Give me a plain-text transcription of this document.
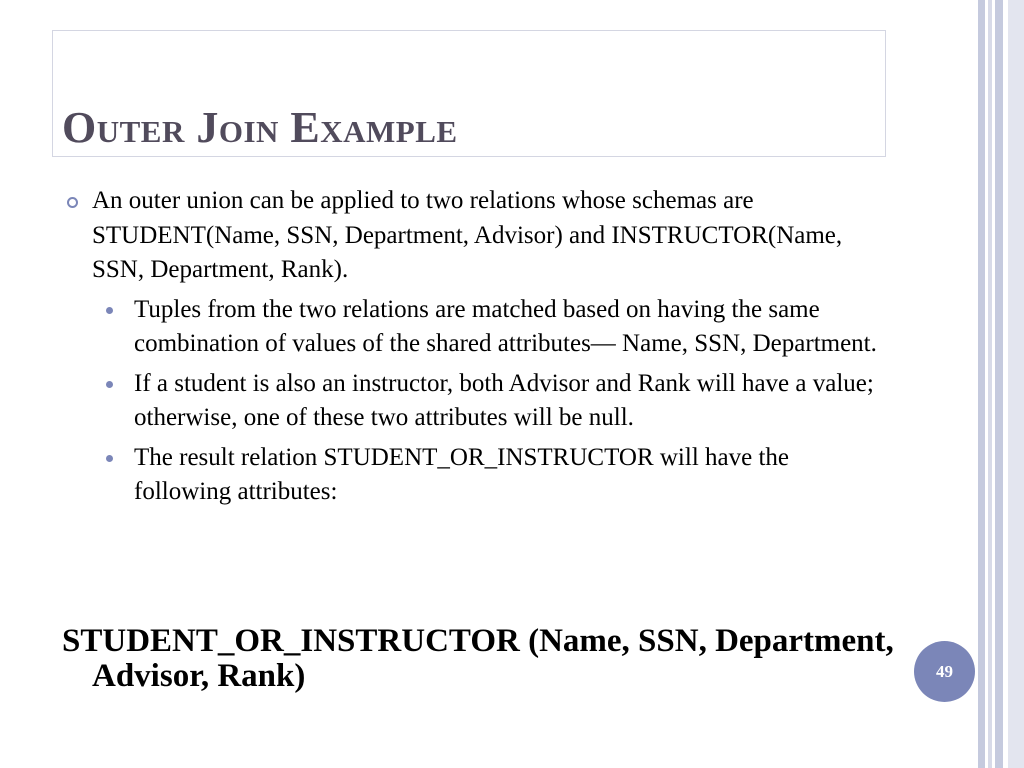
Outer Join Example

An outer union can be applied to two relations whose schemas are STUDENT(Name, SSN, Department, Advisor) and INSTRUCTOR(Name, SSN, Department, Rank).

Tuples from the two relations are matched based on having the same combination of values of the shared attributes— Name, SSN, Department.

If a student is also an instructor, both Advisor and Rank will have a value; otherwise, one of these two attributes will be null.

The result relation STUDENT_OR_INSTRUCTOR will have the following attributes:

STUDENT_OR_INSTRUCTOR (Name, SSN, Department, Advisor, Rank)	49
